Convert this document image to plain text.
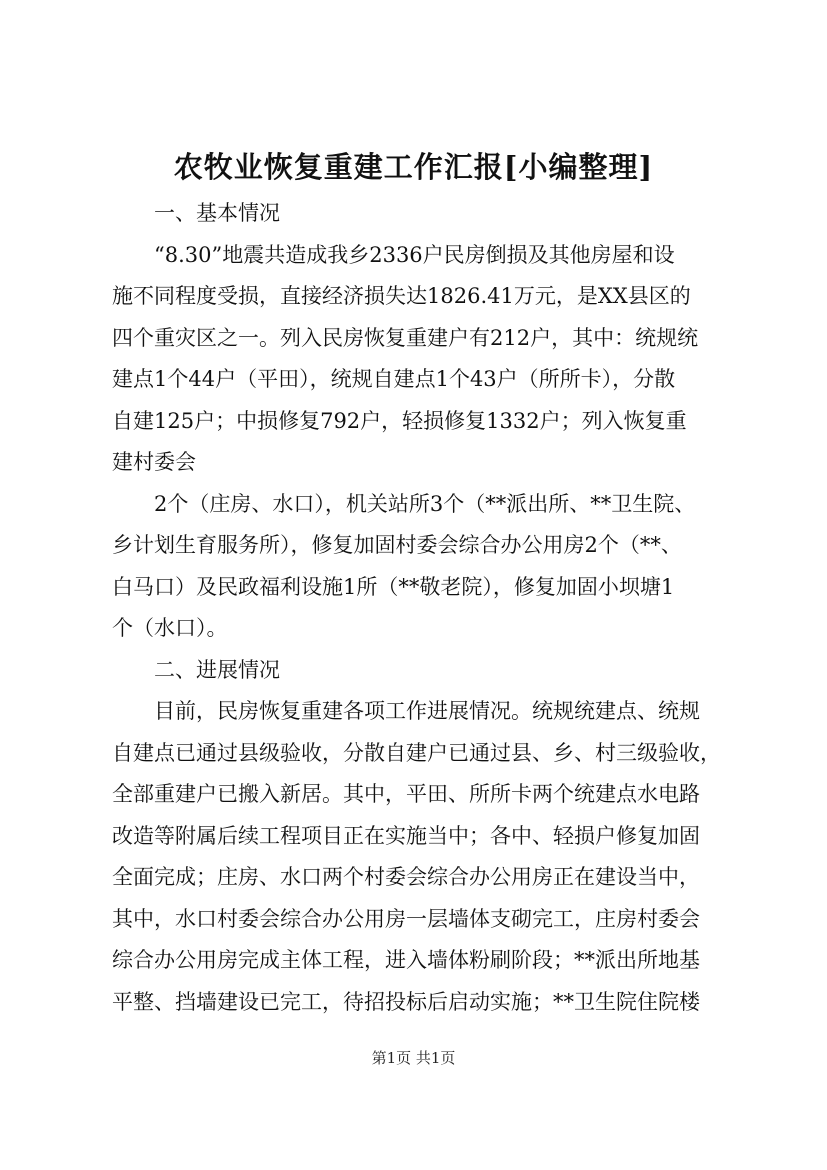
农牧业恢复重建工作汇报[小编整理]

一、基本情况

　　“8.30”地震共造成我乡2336户民房倒损及其他房屋和设

施不同程度受损，直接经济损失达1826.41万元，是XX县区的

四个重灾区之一。列入民房恢复重建户有212户，其中：统规统

建点1个44户（平田），统规自建点1个43户（所所卡），分散

自建125户；中损修复792户，轻损修复1332户；列入恢复重

建村委会

　　2个（庄房、水口），机关站所3个（**派出所、**卫生院、

乡计划生育服务所），修复加固村委会综合办公用房2个（**、

白马口）及民政福利设施1所（**敬老院），修复加固小坝塘1

个（水口）。

二、进展情况

　　目前，民房恢复重建各项工作进展情况。统规统建点、统规

自建点已通过县级验收，分散自建户已通过县、乡、村三级验收，

全部重建户已搬入新居。其中，平田、所所卡两个统建点水电路

改造等附属后续工程项目正在实施当中；各中、轻损户修复加固

全面完成；庄房、水口两个村委会综合办公用房正在建设当中，

其中，水口村委会综合办公用房一层墙体支砌完工，庄房村委会

综合办公用房完成主体工程，进入墙体粉刷阶段；**派出所地基

平整、挡墙建设已完工，待招投标后启动实施；**卫生院住院楼

第1页 共1页
